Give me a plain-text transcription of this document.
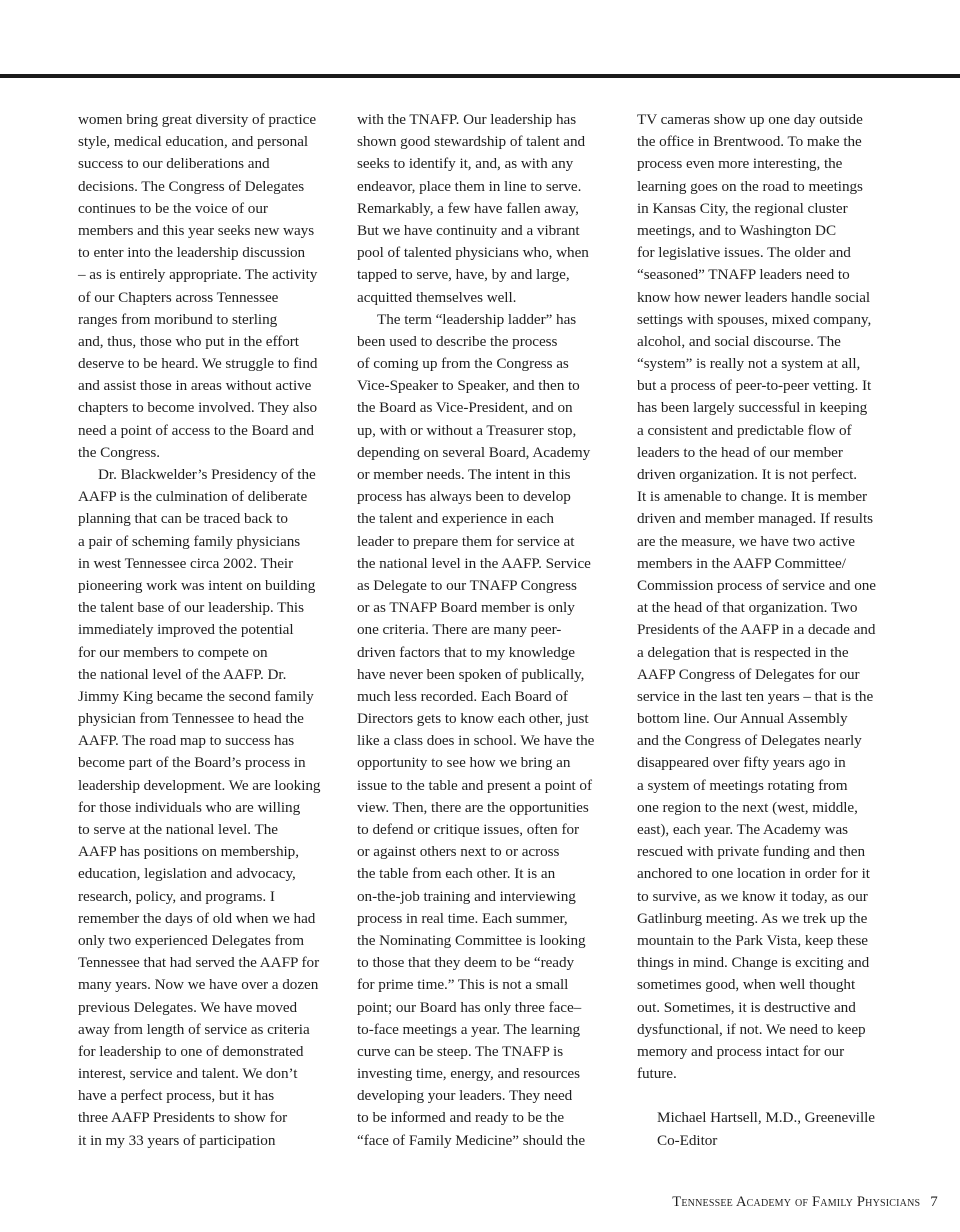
women bring great diversity of practice
style, medical education, and personal
success to our deliberations and
decisions. The Congress of Delegates
continues to be the voice of our
members and this year seeks new ways
to enter into the leadership discussion
– as is entirely appropriate. The activity
of our Chapters across Tennessee
ranges from moribund to sterling
and, thus, those who put in the effort
deserve to be heard. We struggle to find
and assist those in areas without active
chapters to become involved. They also
need a point of access to the Board and
the Congress.
Dr. Blackwelder’s Presidency of the
AAFP is the culmination of deliberate
planning that can be traced back to
a pair of scheming family physicians
in west Tennessee circa 2002. Their
pioneering work was intent on building
the talent base of our leadership. This
immediately improved the potential
for our members to compete on
the national level of the AAFP. Dr.
Jimmy King became the second family
physician from Tennessee to head the
AAFP. The road map to success has
become part of the Board’s process in
leadership development. We are looking
for those individuals who are willing
to serve at the national level. The
AAFP has positions on membership,
education, legislation and advocacy,
research, policy, and programs. I
remember the days of old when we had
only two experienced Delegates from
Tennessee that had served the AAFP for
many years. Now we have over a dozen
previous Delegates. We have moved
away from length of service as criteria
for leadership to one of demonstrated
interest, service and talent. We don’t
have a perfect process, but it has
three AAFP Presidents to show for
it in my 33 years of participation
with the TNAFP. Our leadership has
shown good stewardship of talent and
seeks to identify it, and, as with any
endeavor, place them in line to serve.
Remarkably, a few have fallen away,
But we have continuity and a vibrant
pool of talented physicians who, when
tapped to serve, have, by and large,
acquitted themselves well.
The term “leadership ladder” has
been used to describe the process
of coming up from the Congress as
Vice-Speaker to Speaker, and then to
the Board as Vice-President, and on
up, with or without a Treasurer stop,
depending on several Board, Academy
or member needs. The intent in this
process has always been to develop
the talent and experience in each
leader to prepare them for service at
the national level in the AAFP. Service
as Delegate to our TNAFP Congress
or as TNAFP Board member is only
one criteria. There are many peer-
driven factors that to my knowledge
have never been spoken of publically,
much less recorded. Each Board of
Directors gets to know each other, just
like a class does in school. We have the
opportunity to see how we bring an
issue to the table and present a point of
view. Then, there are the opportunities
to defend or critique issues, often for
or against others next to or across
the table from each other. It is an
on-the-job training and interviewing
process in real time. Each summer,
the Nominating Committee is looking
to those that they deem to be “ready
for prime time.” This is not a small
point; our Board has only three face–
to-face meetings a year. The learning
curve can be steep. The TNAFP is
investing time, energy, and resources
developing your leaders. They need
to be informed and ready to be the
“face of Family Medicine” should the
TV cameras show up one day outside
the office in Brentwood. To make the
process even more interesting, the
learning goes on the road to meetings
in Kansas City, the regional cluster
meetings, and to Washington DC
for legislative issues. The older and
“seasoned” TNAFP leaders need to
know how newer leaders handle social
settings with spouses, mixed company,
alcohol, and social discourse. The
“system” is really not a system at all,
but a process of peer-to-peer vetting. It
has been largely successful in keeping
a consistent and predictable flow of
leaders to the head of our member
driven organization. It is not perfect.
It is amenable to change. It is member
driven and member managed. If results
are the measure, we have two active
members in the AAFP Committee/
Commission process of service and one
at the head of that organization. Two
Presidents of the AAFP in a decade and
a delegation that is respected in the
AAFP Congress of Delegates for our
service in the last ten years – that is the
bottom line. Our Annual Assembly
and the Congress of Delegates nearly
disappeared over fifty years ago in
a system of meetings rotating from
one region to the next (west, middle,
east), each year. The Academy was
rescued with private funding and then
anchored to one location in order for it
to survive, as we know it today, as our
Gatlinburg meeting. As we trek up the
mountain to the Park Vista, keep these
things in mind. Change is exciting and
sometimes good, when well thought
out. Sometimes, it is destructive and
dysfunctional, if not. We need to keep
memory and process intact for our
future.
Michael Hartsell, M.D., Greeneville
Co-Editor
Tennessee Academy of Family Physicians 7
